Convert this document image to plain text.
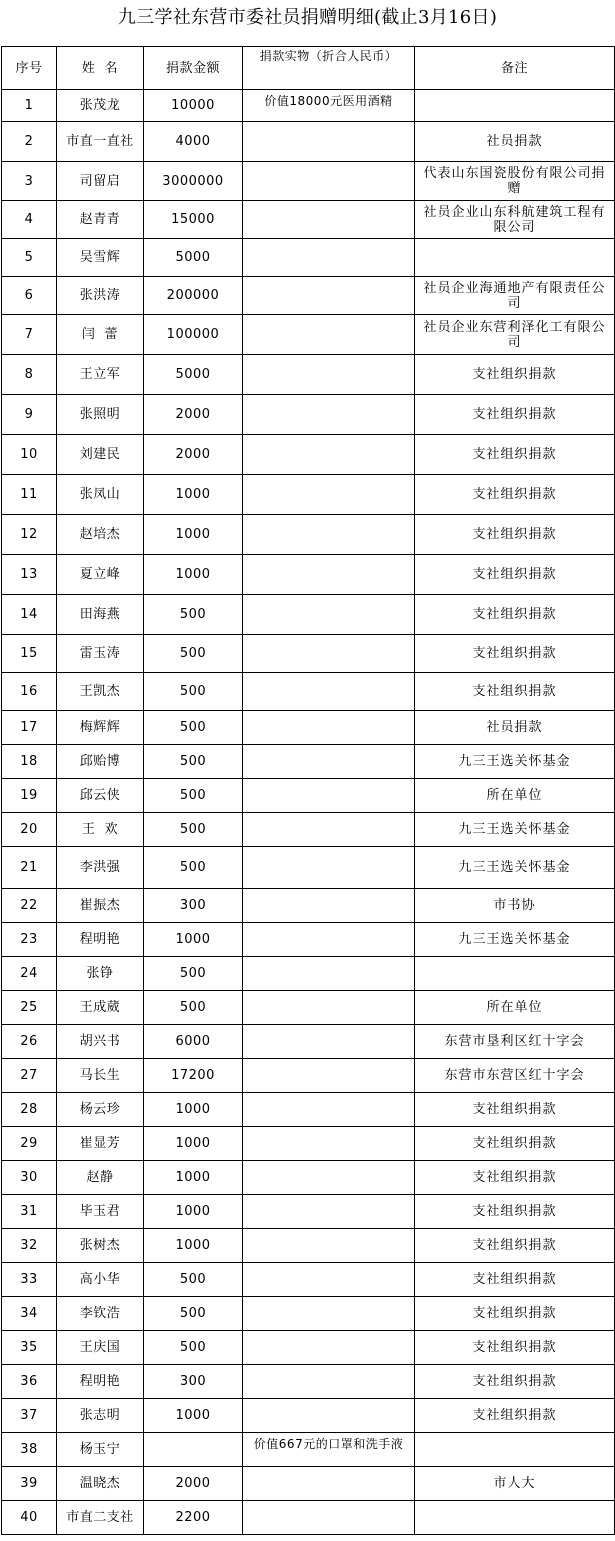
九三学社东营市委社员捐赠明细(截止3月16日)
序号	姓  名	捐款金额	捐款实物（折合人民币）	备注
1	张茂龙	10000	价值18000元医用酒精	
2	市直一直社	4000		社员捐款
3	司留启	3000000		代表山东国瓷股份有限公司捐赠
4	赵青青	15000		社员企业山东科航建筑工程有限公司
5	吴雪辉	5000		
6	张洪涛	200000		社员企业海通地产有限责任公司
7	闫  蕾	100000		社员企业东营利泽化工有限公司
8	王立军	5000		支社组织捐款
9	张照明	2000		支社组织捐款
10	刘建民	2000		支社组织捐款
11	张凤山	1000		支社组织捐款
12	赵培杰	1000		支社组织捐款
13	夏立峰	1000		支社组织捐款
14	田海燕	500		支社组织捐款
15	雷玉涛	500		支社组织捐款
16	王凯杰	500		支社组织捐款
17	梅辉辉	500		社员捐款
18	邱贻博	500		九三王选关怀基金
19	邱云侠	500		所在单位
20	王  欢	500		九三王选关怀基金
21	李洪强	500		九三王选关怀基金
22	崔振杰	300		市书协
23	程明艳	1000		九三王选关怀基金
24	张铮	500		
25	王成葳	500		所在单位
26	胡兴书	6000		东营市垦利区红十字会
27	马长生	17200		东营市东营区红十字会
28	杨云珍	1000		支社组织捐款
29	崔显芳	1000		支社组织捐款
30	赵静	1000		支社组织捐款
31	毕玉君	1000		支社组织捐款
32	张树杰	1000		支社组织捐款
33	高小华	500		支社组织捐款
34	李钦浩	500		支社组织捐款
35	王庆国	500		支社组织捐款
36	程明艳	300		支社组织捐款
37	张志明	1000		支社组织捐款
38	杨玉宁		价值667元的口罩和洗手液	
39	温晓杰	2000		市人大
40	市直二支社	2200		
